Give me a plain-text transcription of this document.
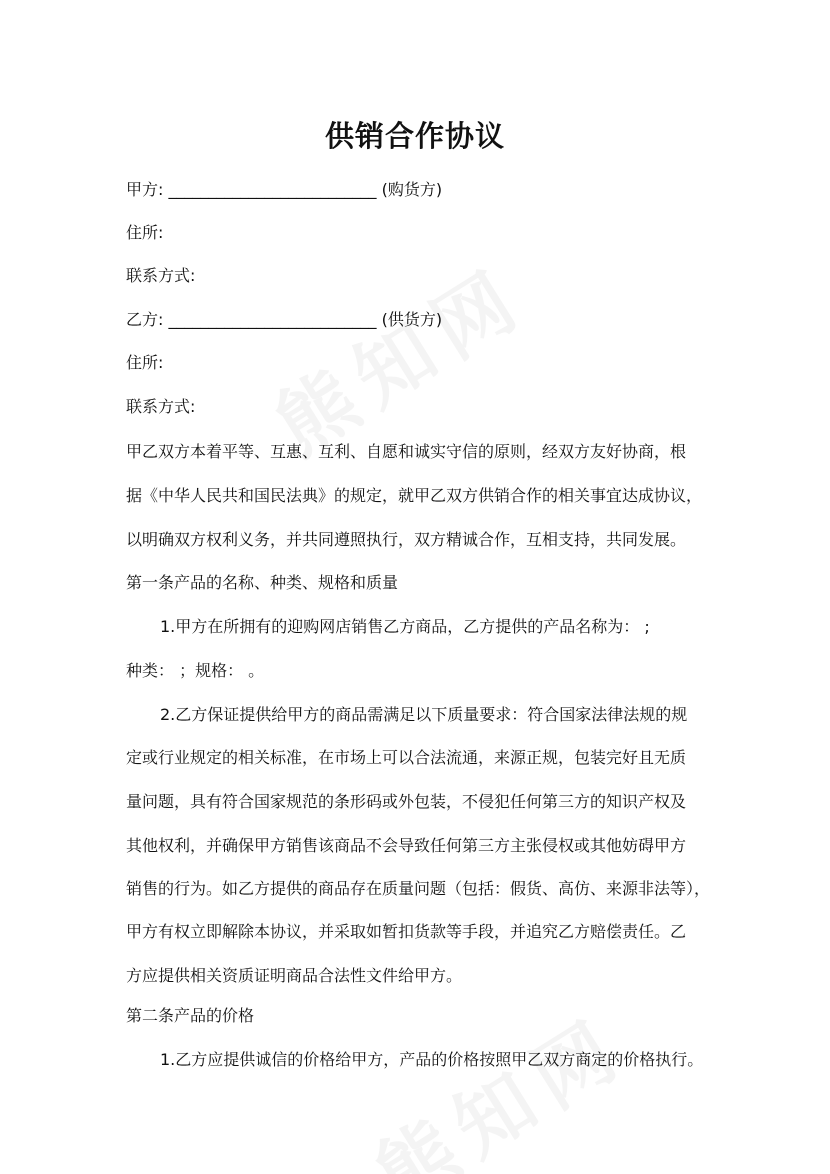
供销合作协议
甲方: __________________________ (购货方)
住所:
联系方式:
乙方: __________________________ (供货方)
住所:
联系方式:
甲乙双方本着平等、互惠、互利、自愿和诚实守信的原则，经双方友好协商，根
据《中华人民共和国民法典》的规定，就甲乙双方供销合作的相关事宜达成协议，
以明确双方权利义务，并共同遵照执行，双方精诚合作，互相支持，共同发展。
第一条产品的名称、种类、规格和质量
1.甲方在所拥有的迎购网店销售乙方商品，乙方提供的产品名称为： ;
种类： ；规格： 。
2.乙方保证提供给甲方的商品需满足以下质量要求：符合国家法律法规的规
定或行业规定的相关标准，在市场上可以合法流通，来源正规，包装完好且无质
量问题，具有符合国家规范的条形码或外包装，不侵犯任何第三方的知识产权及
其他权利，并确保甲方销售该商品不会导致任何第三方主张侵权或其他妨碍甲方
销售的行为。如乙方提供的商品存在质量问题（包括：假货、高仿、来源非法等），
甲方有权立即解除本协议，并采取如暂扣货款等手段，并追究乙方赔偿责任。乙
方应提供相关资质证明商品合法性文件给甲方。
第二条产品的价格
1.乙方应提供诚信的价格给甲方，产品的价格按照甲乙双方商定的价格执行。
